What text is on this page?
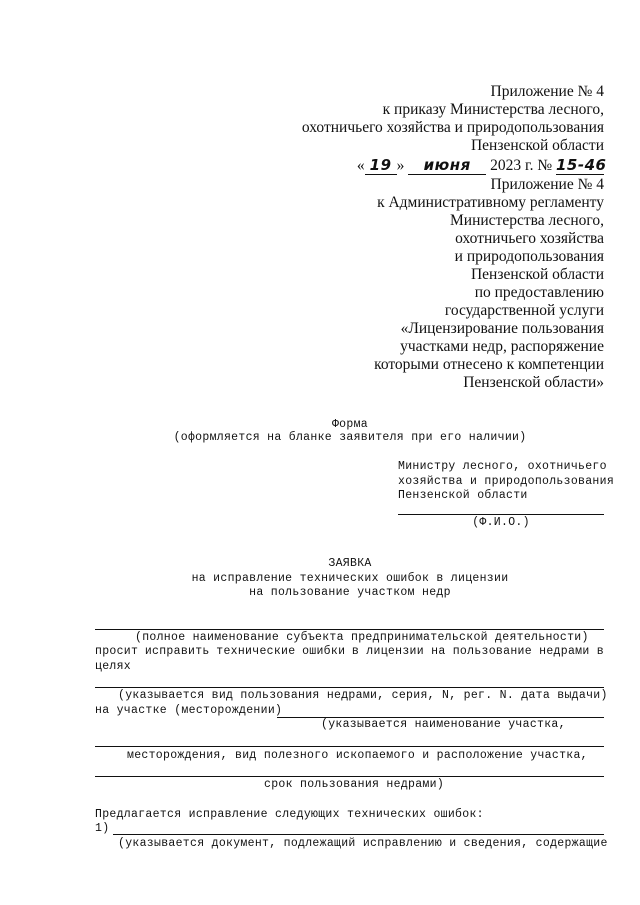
Приложение № 4
к приказу Министерства лесного,
охотничьего хозяйства и природопользования
Пензенской области
« 19 » июня 2023 г. № 15-46
Приложение № 4
к Административному регламенту
Министерства лесного,
охотничьего хозяйства
и природопользования
Пензенской области
по предоставлению
государственной услуги
«Лицензирование пользования
участками недр, распоряжение
которыми отнесено к компетенции
Пензенской области»
Форма
(оформляется на бланке заявителя при его наличии)
Министру лесного, охотничьего
хозяйства и природопользования
Пензенской области
(Ф.И.О.)
ЗАЯВКА
на исправление технических ошибок в лицензии
на пользование участком недр
(полное наименование субъекта предпринимательской деятельности)
просит исправить технические ошибки в лицензии на пользование недрами в
целях
(указывается вид пользования недрами, серия, N, рег. N. дата выдачи)
на участке (месторождении)
(указывается наименование участка,
месторождения, вид полезного ископаемого и расположение участка,
срок пользования недрами)
Предлагается исправление следующих технических ошибок:
1)
(указывается документ, подлежащий исправлению и сведения, содержащие
